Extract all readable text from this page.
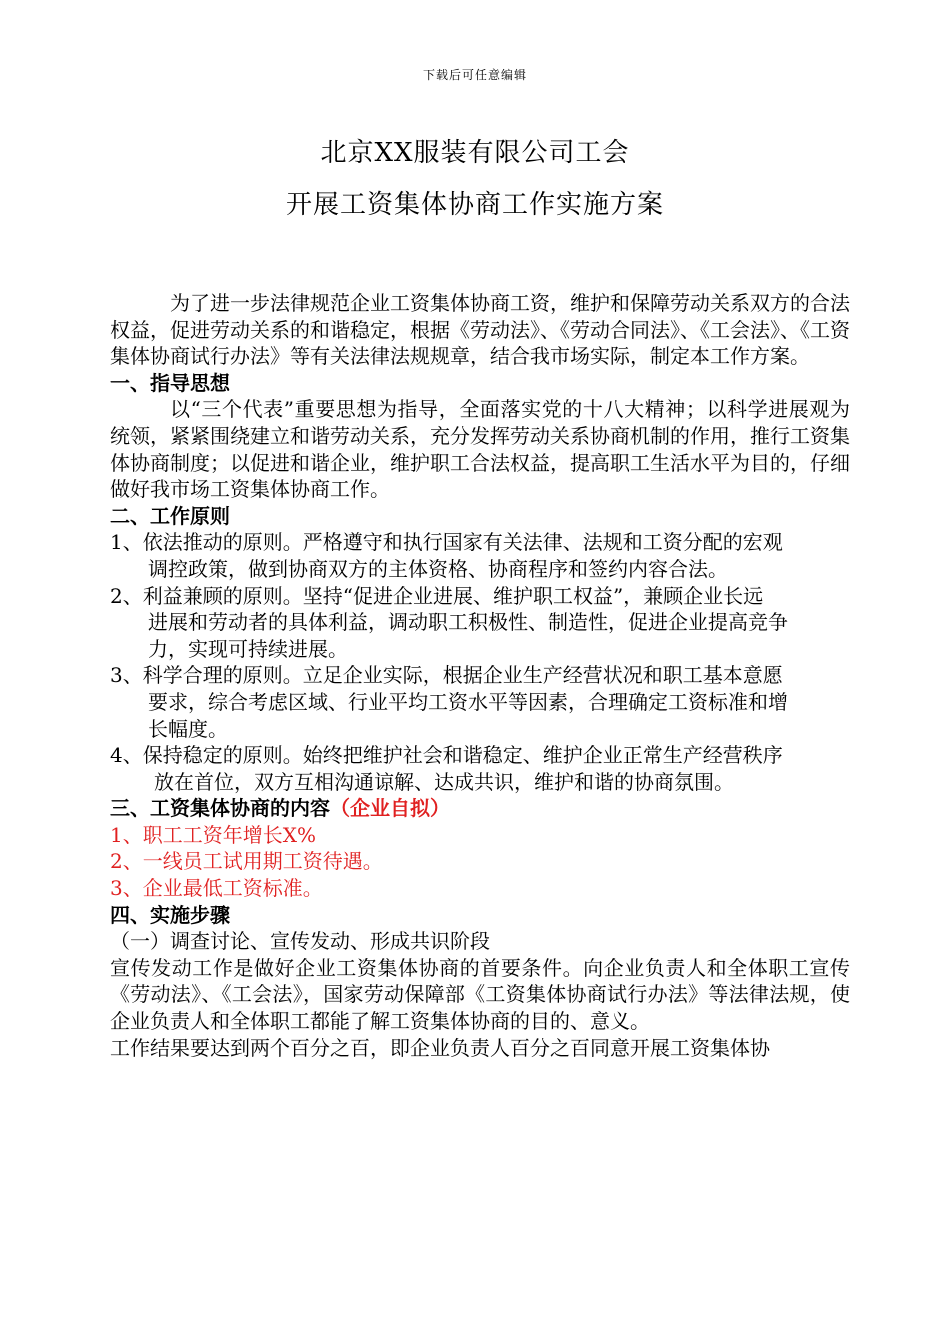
下载后可任意编辑
北京XX服装有限公司工会
开展工资集体协商工作实施方案

为了进一步法律规范企业工资集体协商工资，维护和保障劳动关系双方的合法权益，促进劳动关系的和谐稳定，根据《劳动法》、《劳动合同法》、《工会法》、《工资集体协商试行办法》等有关法律法规规章，结合我市场实际，制定本工作方案。

一、指导思想

以“三个代表”重要思想为指导，全面落实党的十八大精神；以科学进展观为统领，紧紧围绕建立和谐劳动关系，充分发挥劳动关系协商机制的作用，推行工资集体协商制度；以促进和谐企业，维护职工合法权益，提高职工生活水平为目的，仔细做好我市场工资集体协商工作。

二、工作原则

1、依法推动的原则。严格遵守和执行国家有关法律、法规和工资分配的宏观

调控政策，做到协商双方的主体资格、协商程序和签约内容合法。

2、利益兼顾的原则。坚持“促进企业进展、维护职工权益”，兼顾企业长远

进展和劳动者的具体利益，调动职工积极性、制造性，促进企业提高竞争

力，实现可持续进展。

3、科学合理的原则。立足企业实际，根据企业生产经营状况和职工基本意愿

要求，综合考虑区域、行业平均工资水平等因素，合理确定工资标准和增

长幅度。

4、保持稳定的原则。始终把维护社会和谐稳定、维护企业正常生产经营秩序

放在首位，双方互相沟通谅解、达成共识，维护和谐的协商氛围。

三、工资集体协商的内容（企业自拟）

1、职工工资年增长X%

2、一线员工试用期工资待遇。

3、企业最低工资标准。

四、实施步骤

（一）调查讨论、宣传发动、形成共识阶段

宣传发动工作是做好企业工资集体协商的首要条件。向企业负责人和全体职工宣传《劳动法》、《工会法》，国家劳动保障部《工资集体协商试行办法》等法律法规，使企业负责人和全体职工都能了解工资集体协商的目的、意义。

工作结果要达到两个百分之百，即企业负责人百分之百同意开展工资集体协
